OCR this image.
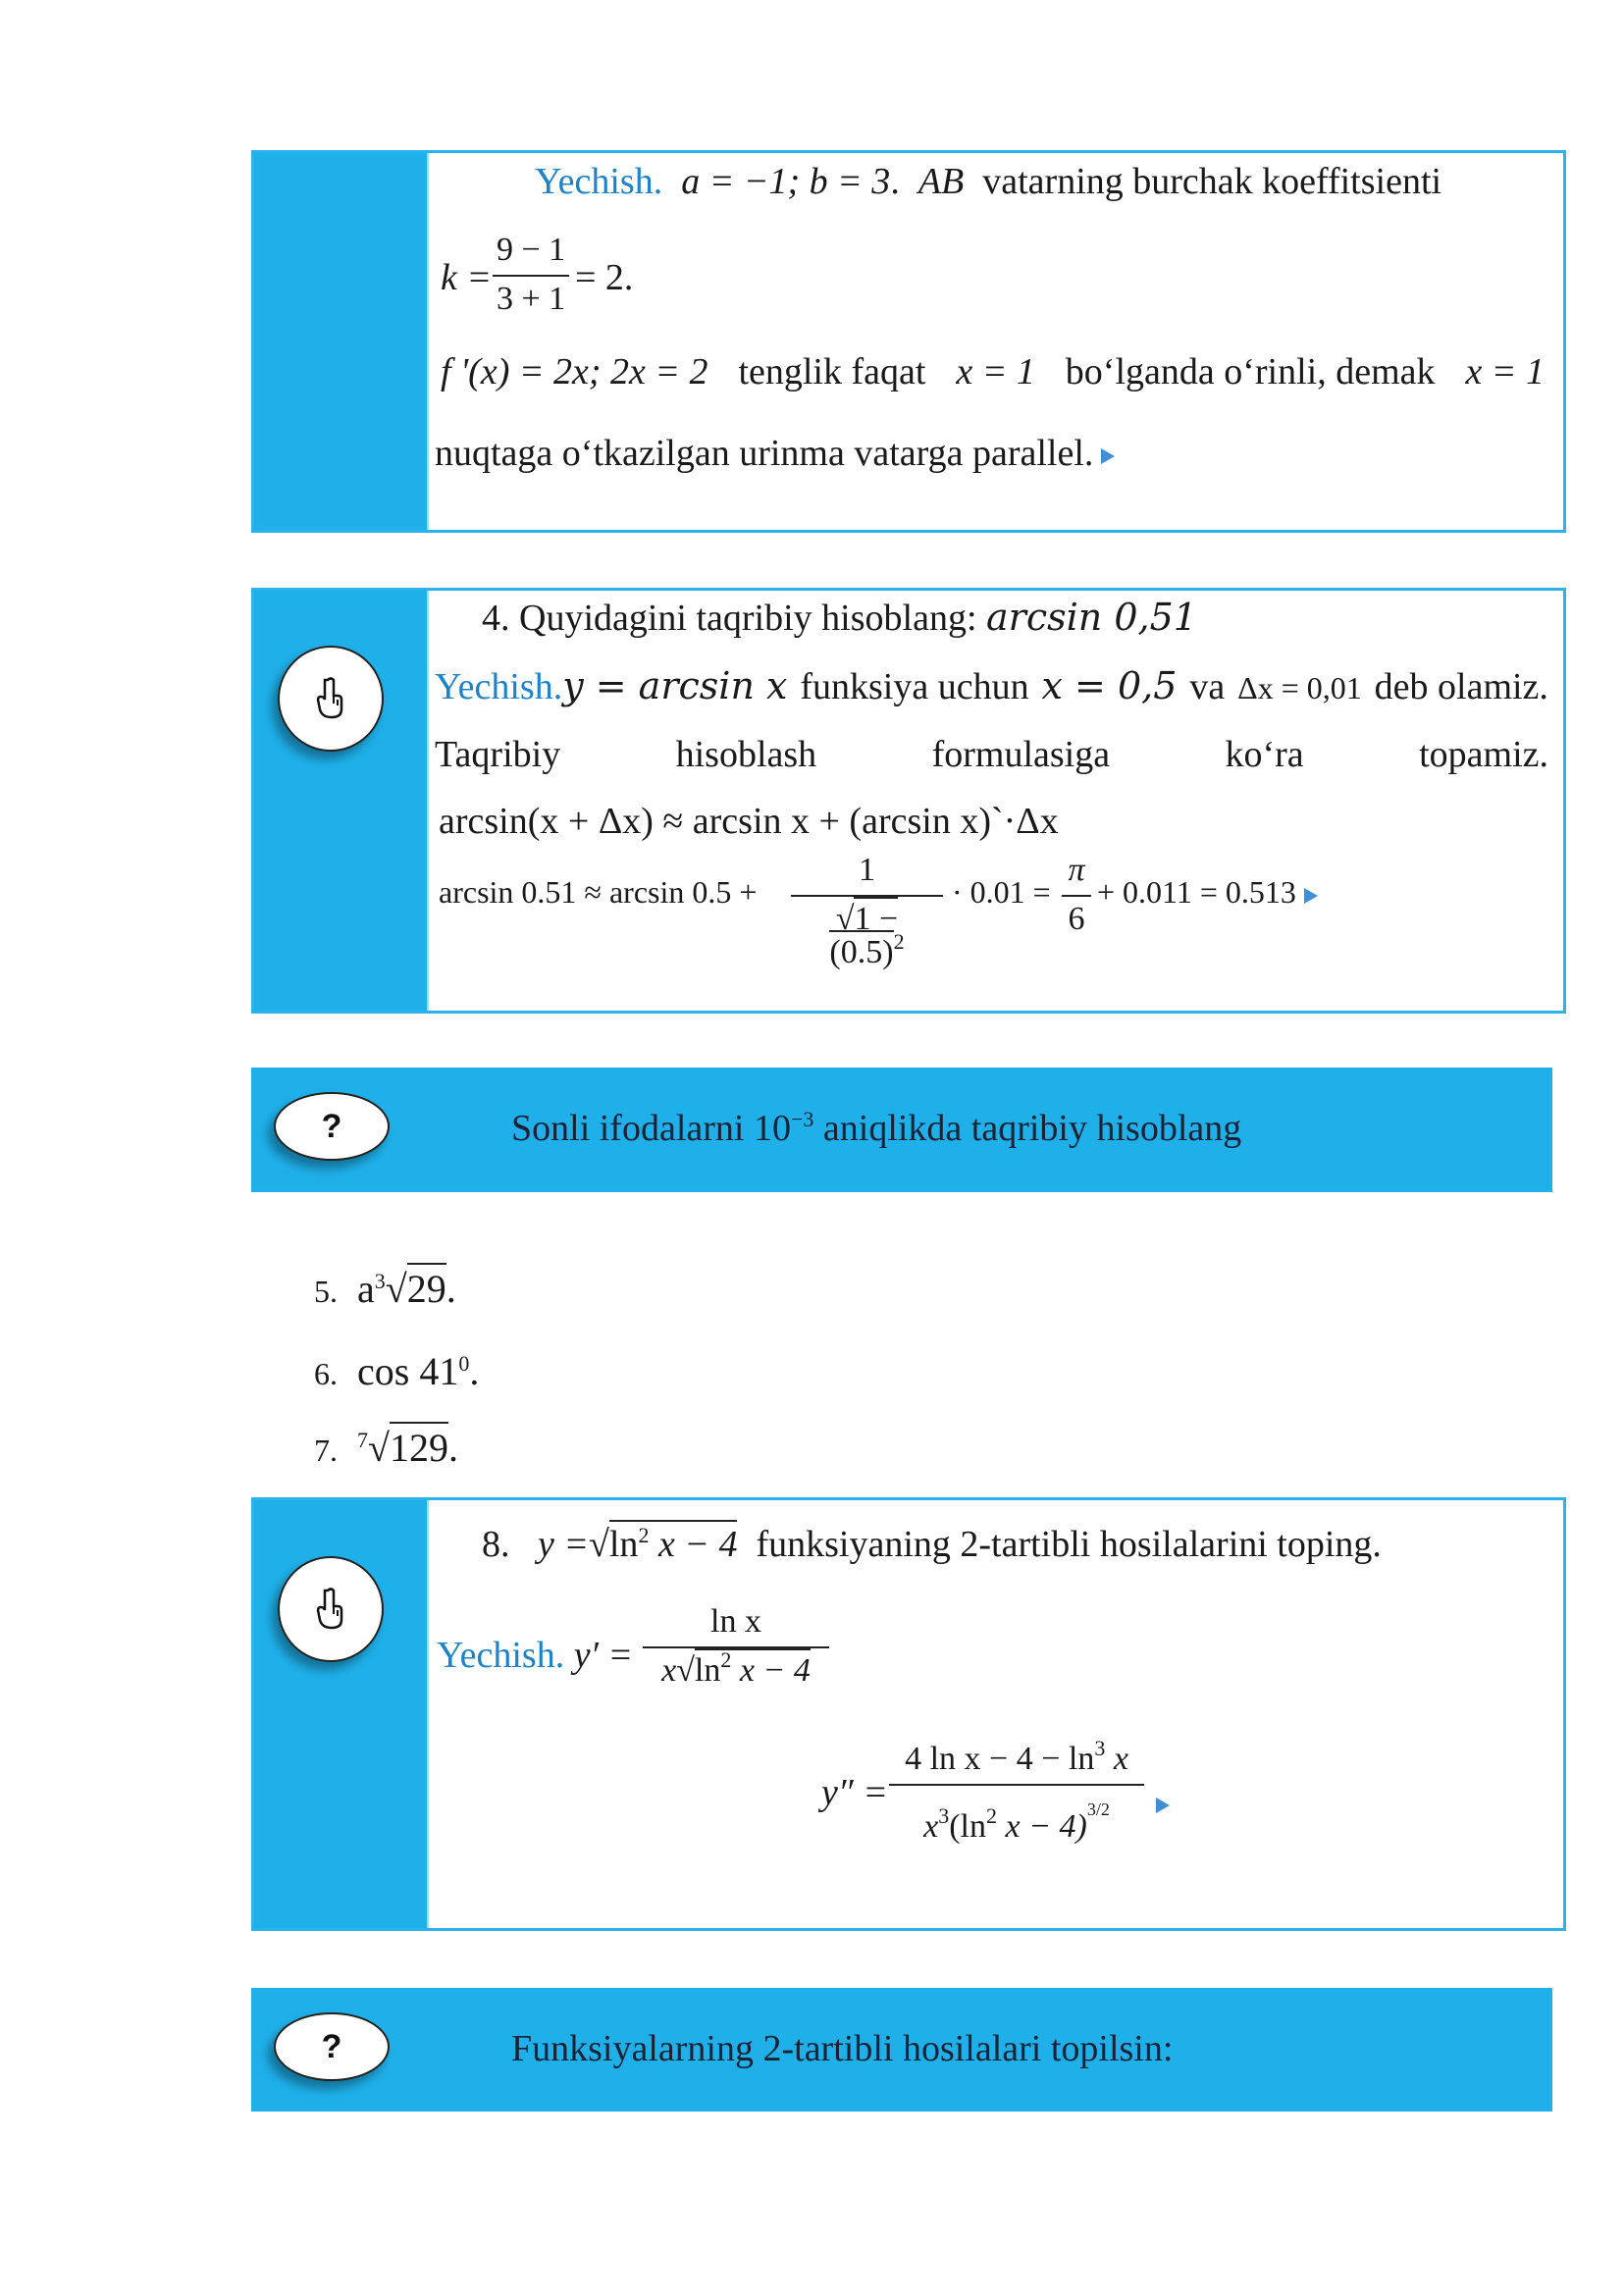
Yechish. a = −1; b = 3.  AB vatarning burchak koeffitsienti
$k = \frac{9 - 1}{3 + 1} = 2$.
f '(x) = 2x; 2x = 2 tenglik faqat x = 1 bo‘lganda o‘rinli, demak x = 1
nuqtaga o‘tkazilgan urinma vatarga parallel.
4. Quyidagini taqribiy hisoblang: arcsin 0,51
Yechish.y = arcsin x funksiya uchun x = 0,5 va Δx = 0,01 deb olamiz.
Taqribiy	hisoblash	formulasiga	ko‘ra	topamiz.
arcsin(x + Δx) ≈ arcsin x + (arcsin x)`·Δx
$\arcsin 0.51 \approx \arcsin 0.5 + \frac{1}{√1 - (0.5)^2} \cdot 0.01 = \frac{\pi}{6} + 0.011 = 0.513$
?	Sonli ifodalarni $10^{-3}$ aniqlikda taqribiy hisoblang
5. $a^3√29$.
6. $\cos 41^0$.
7. $^7$√129.
8. $y =√\ln^2$ x − 4 funksiyaning 2-tartibli hosilalarini toping.
Yechish. $y' = \frac{\text{ln x}}{x√\ln^2 x - 4}$
$y'' = \frac{4 \ln x - 4 - \ln^3 x}{x^3(\ln^2 x - 4)^{3/2}}$
?	Funksiyalarning 2-tartibli hosilalari topilsin:
